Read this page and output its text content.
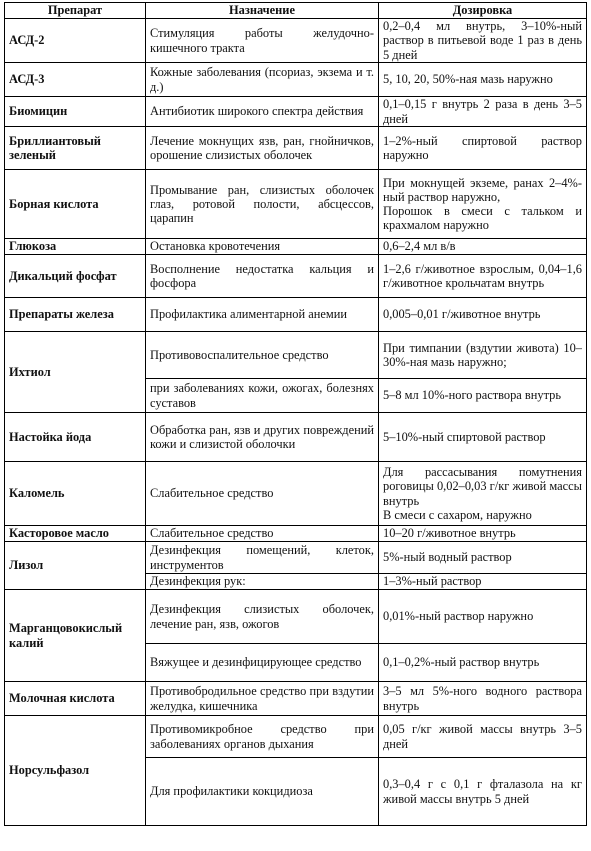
Препарат	Назначение	Дозировка
АСД-2	Стимуляция работы желудочно-кишечного тракта	0,2–0,4 мл внутрь, 3–10%-ный раствор в питьевой воде 1 раз в день 5 дней
АСД-3	Кожные заболевания (псориаз, экзема и т. д.)	5, 10, 20, 50%-ная мазь наружно
Биомицин	Антибиотик широкого спектра действия	0,1–0,15 г внутрь 2 раза в день 3–5 дней
Бриллиантовый зеленый	Лечение мокнущих язв, ран, гнойничков, орошение слизистых оболочек	1–2%-ный спиртовой раствор наружно
Борная кислота	Промывание ран, слизистых оболочек глаз, ротовой полости, абсцессов, царапин	При мокнущей экземе, ранах 2–4%-ный раствор наружно,
Порошок в смеси с тальком и крахмалом наружно

Глюкоза	Остановка кровотечения	0,6–2,4 мл в/в
Дикальций фосфат	Восполнение недостатка кальция и фосфора	1–2,6 г/животное взрослым, 0,04–1,6 г/животное крольчатам внутрь
Препараты железа	Профилактика алиментарной анемии	0,005–0,01 г/животное внутрь
Ихтиол	Противовоспалительное средство	При тимпании (вздутии живота) 10–30%-ная мазь наружно;
	при заболеваниях кожи, ожогах, болезнях суставов	5–8 мл 10%-ного раствора внутрь
Настойка йода	Обработка ран, язв и других повреждений кожи и слизистой оболочки	5–10%-ный спиртовой раствор
Каломель	Слабительное средство	Для рассасывания помутнения роговицы 0,02–0,03 г/кг живой массы внутрь
В смеси с сахаром, наружно

Касторовое масло	Слабительное средство	10–20 г/животное внутрь
Лизол	Дезинфекция помещений, клеток, инструментов	5%-ный водный раствор
	Дезинфекция рук:	1–3%-ный раствор
Марганцовокислый калий	Дезинфекция слизистых оболочек, лечение ран, язв, ожогов	0,01%-ный раствор наружно
	Вяжущее и дезинфицирующее средство	0,1–0,2%-ный раствор внутрь
Молочная кислота	Противобродильное средство при вздутии желудка, кишечника	3–5 мл 5%-ного водного раствора внутрь
Норсульфазол	Противомикробное средство при заболеваниях органов дыхания	0,05 г/кг живой массы внутрь 3–5 дней
	Для профилактики кокцидиоза	0,3–0,4 г с 0,1 г фталазола на кг живой массы внутрь 5 дней
